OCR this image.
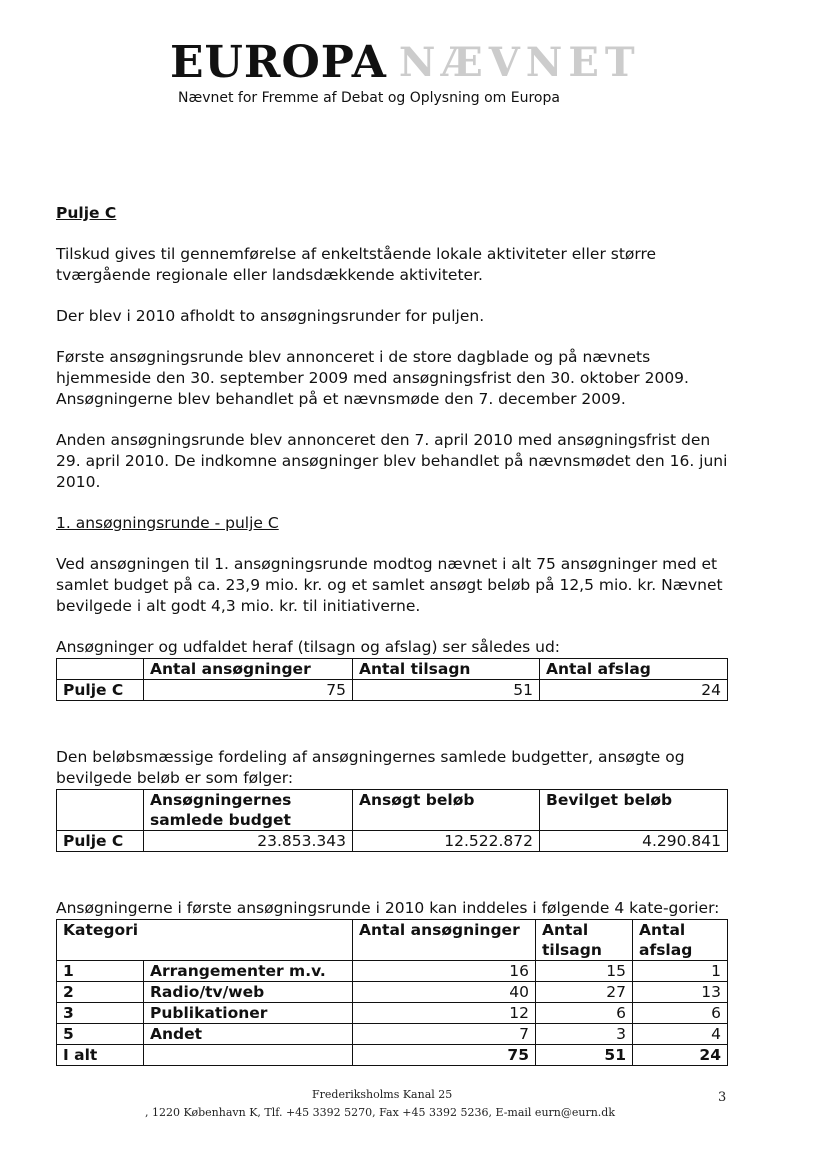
EUROPA NÆVNET
Nævnet for Fremme af Debat og Oplysning om Europa

Pulje C

Tilskud gives til gennemførelse af enkeltstående lokale aktiviteter eller større tværgående regionale eller landsdækkende aktiviteter.

Der blev i 2010 afholdt to ansøgningsrunder for puljen.

Første ansøgningsrunde blev annonceret i de store dagblade og på nævnets hjemmeside den 30. september 2009 med ansøgningsfrist den 30. oktober 2009. Ansøgningerne blev behandlet på et nævnsmøde den 7. december 2009.

Anden ansøgningsrunde blev annonceret den 7. april 2010 med ansøgningsfrist den 29. april 2010. De indkomne ansøgninger blev behandlet på nævnsmødet den 16. juni 2010.

1. ansøgningsrunde - pulje C

Ved ansøgningen til 1. ansøgningsrunde modtog nævnet i alt 75 ansøgninger med et samlet budget på ca. 23,9 mio. kr. og et samlet ansøgt beløb på 12,5 mio. kr. Nævnet bevilgede i alt godt 4,3 mio. kr. til initiativerne.

Ansøgninger og udfaldet heraf (tilsagn og afslag) ser således ud:

	Antal ansøgninger	Antal tilsagn	Antal afslag
Pulje C	75	51	24

Den beløbsmæssige fordeling af ansøgningernes samlede budgetter, ansøgte og bevilgede beløb er som følger:

	Ansøgningernes samlede budget	Ansøgt beløb	Bevilget beløb
Pulje C	23.853.343	12.522.872	4.290.841

Ansøgningerne i første ansøgningsrunde i 2010 kan inddeles i følgende 4 kate-gorier:

Kategori		Antal ansøgninger	Antal tilsagn	Antal afslag
1	Arrangementer m.v.	16	15	1
2	Radio/tv/web	40	27	13
3	Publikationer	12	6	6
5	Andet	7	3	4
I alt		75	51	24
Frederiksholms Kanal 25
, 1220 København K, Tlf. +45 3392 5270, Fax +45 3392 5236, E-mail eurn@eurn.dk
3
